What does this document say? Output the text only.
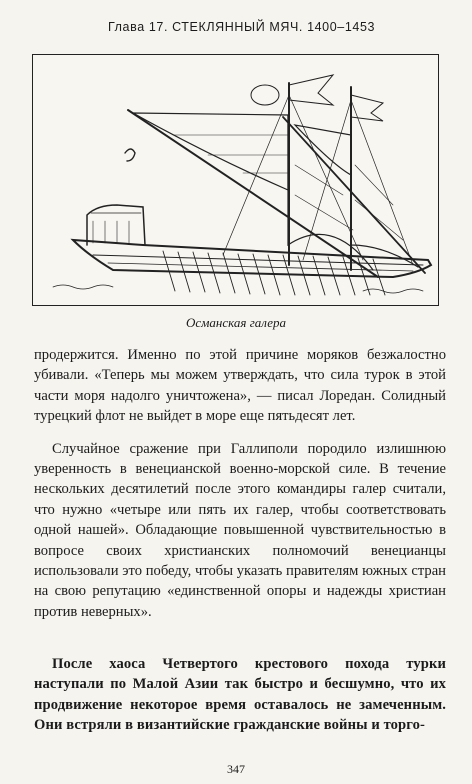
Глава 17. СТЕКЛЯННЫЙ МЯЧ. 1400–1453
Османская галера

продержится. Именно по этой причине моряков безжалостно убивали. «Теперь мы можем утверждать, что сила турок в этой части моря надолго уничтожена», — писал Лоредан. Солидный турецкий флот не выйдет в море еще пятьдесят лет.

Случайное сражение при Галлиполи породило излишнюю уверенность в венецианской военно-морской силе. В течение нескольких десятилетий после этого командиры галер считали, что нужно «четыре или пять их галер, чтобы соответствовать одной нашей». Обладающие повышенной чувствительностью в вопросе своих христианских полномочий венецианцы использовали это победу, чтобы указать правителям южных стран на свою репутацию «единственной опоры и надежды христиан против неверных».

После хаоса Четвертого крестового похода турки наступали по Малой Азии так быстро и бесшумно, что их продвижение некоторое время оставалось не замеченным. Они встряли в византийские гражданские войны и торго-

347
